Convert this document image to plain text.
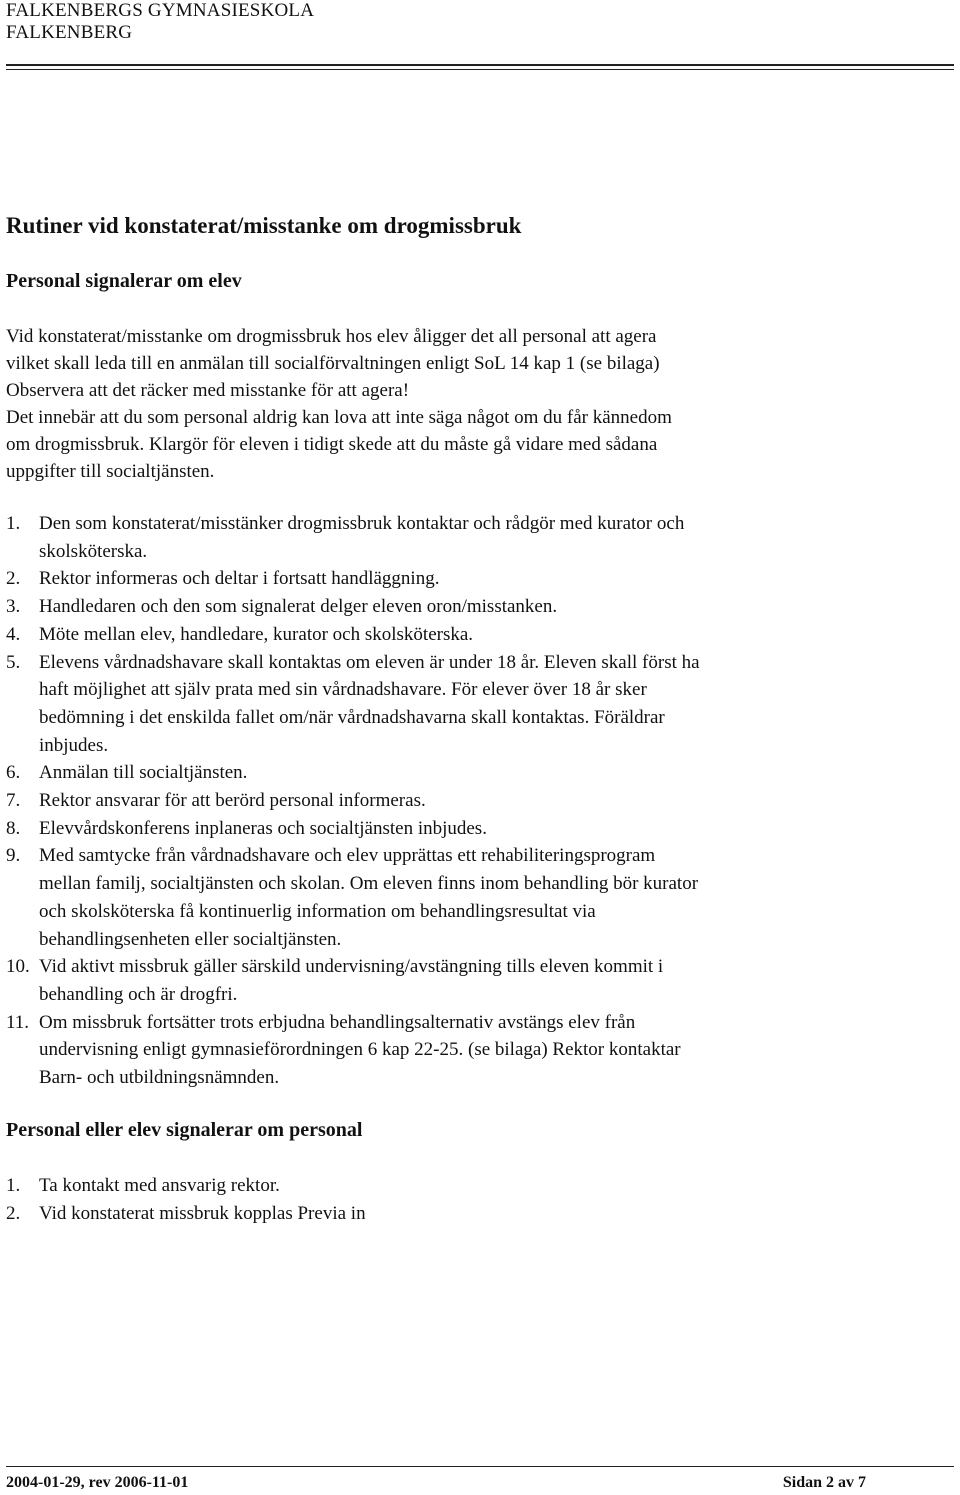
FALKENBERGS GYMNASIESKOLA
FALKENBERG
Rutiner vid konstaterat/misstanke om drogmissbruk
Personal signalerar om elev
Vid konstaterat/misstanke om drogmissbruk hos elev åligger det all personal att agera
vilket skall leda till en anmälan till socialförvaltningen enligt SoL 14 kap 1 (se bilaga)
Observera att det räcker med misstanke för att agera!
Det innebär att du som personal aldrig kan lova att inte säga något om du får kännedom
om drogmissbruk. Klargör för eleven i tidigt skede att du måste gå vidare med sådana
uppgifter till socialtjänsten.
1. Den som konstaterat/misstänker drogmissbruk kontaktar och rådgör med kurator och
skolsköterska.
2. Rektor informeras och deltar i fortsatt handläggning.
3. Handledaren och den som signalerat delger eleven oron/misstanken.
4. Möte mellan elev, handledare, kurator och skolsköterska.
5. Elevens vårdnadshavare skall kontaktas om eleven är under 18 år. Eleven skall först ha
haft möjlighet att själv prata med sin vårdnadshavare. För elever över 18 år sker
bedömning i det enskilda fallet om/när vårdnadshavarna skall kontaktas. Föräldrar
inbjudes.
6. Anmälan till socialtjänsten.
7. Rektor ansvarar för att berörd personal informeras.
8. Elevvårdskonferens inplaneras och socialtjänsten inbjudes.
9. Med samtycke från vårdnadshavare och elev upprättas ett rehabiliteringsprogram
mellan familj, socialtjänsten och skolan. Om eleven finns inom behandling bör kurator
och skolsköterska få kontinuerlig information om behandlingsresultat via
behandlingsenheten eller socialtjänsten.
10. Vid aktivt missbruk gäller särskild undervisning/avstängning tills eleven kommit i
behandling och är drogfri.
11. Om missbruk fortsätter trots erbjudna behandlingsalternativ avstängs elev från
undervisning enligt gymnasieförordningen 6 kap 22-25. (se bilaga) Rektor kontaktar
Barn- och utbildningsnämnden.
Personal eller elev signalerar om personal
1. Ta kontakt med ansvarig rektor.
2. Vid konstaterat missbruk kopplas Previa in
2004-01-29, rev 2006-11-01	Sidan 2 av 7
